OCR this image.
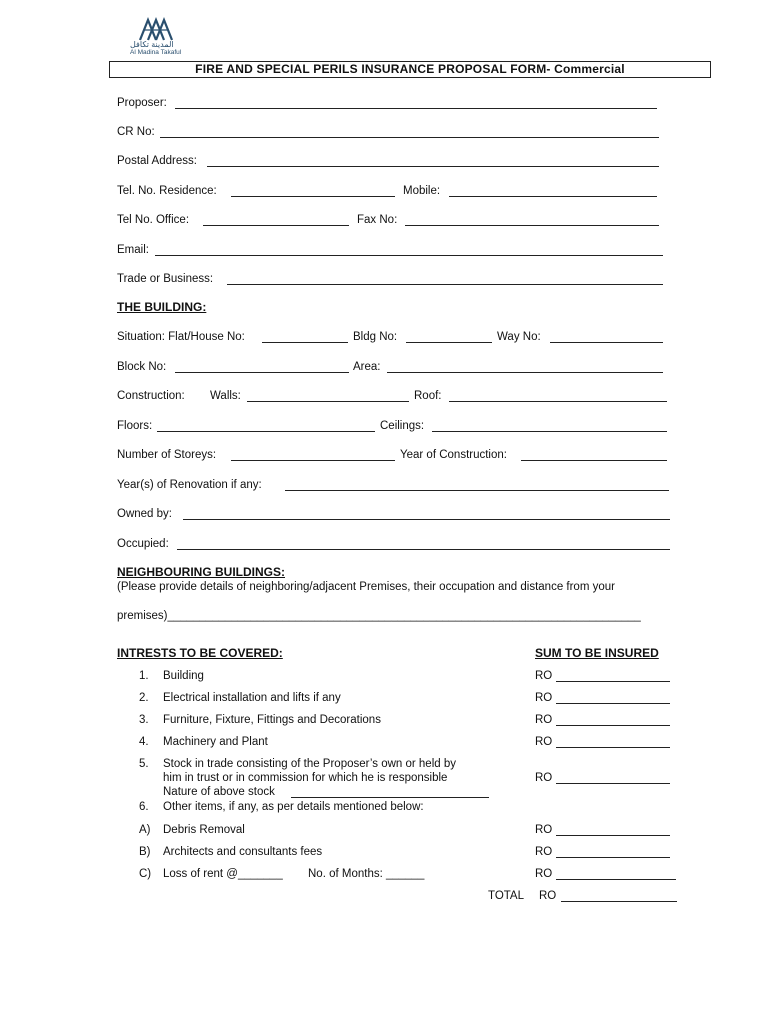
المدينة تكافل
Al Madina Takaful
FIRE AND SPECIAL PERILS INSURANCE PROPOSAL FORM- Commercial
Proposer:
CR No:
Postal Address:
Tel. No. Residence:	Mobile:
Tel No. Office:	Fax No:
Email:
Trade or Business:
THE BUILDING:
Situation: Flat/House No:	Bldg No:	Way No:
Block No:	Area:
Construction: Walls:	Roof:
Floors:	Ceilings:
Number of Storeys:	Year of Construction:
Year(s) of Renovation if any:
Owned by:
Occupied:
NEIGHBOURING BUILDINGS:
(Please provide details of neighboring/adjacent Premises, their occupation and distance from your
premises)__________________________________________________________________________
INTRESTS TO BE COVERED:	SUM TO BE INSURED
1. Building	RO
2. Electrical installation and lifts if any	RO
3. Furniture, Fixture, Fittings and Decorations	RO
4. Machinery and Plant	RO
5. Stock in trade consisting of the Proposer’s own or held by
him in trust or in commission for which he is responsible
Nature of above stock
RO
6. Other items, if any, as per details mentioned below:
A) Debris Removal	RO
B) Architects and consultants fees	RO
C) Loss of rent @_______ No. of Months: ______	RO
TOTAL RO
